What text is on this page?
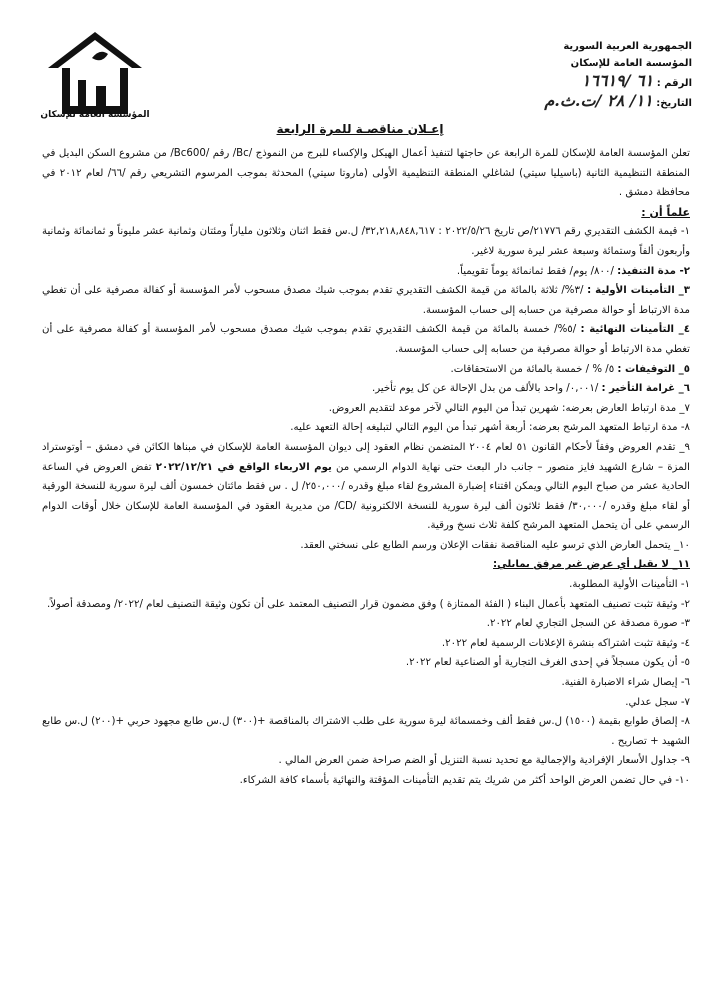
المؤسسة العامة للإسكان
الجمهورية العربية السورية
المؤسسة العامة للإسكان
الرقم : ٦١ /١٦٦١٩
التاريخ: ١١/ ٢٨ /ت.ث.م
إعـلان مناقصـة للمرة الرابعة

تعلن المؤسسة العامة للإسكان للمرة الرابعة عن حاجتها لتنفيذ أعمال الهيكل والإكساء للبرج من النموذج /Bc/ رقم /Bc600/ من مشروع السكن البديل في المنطقة التنظيمية الثانية (باسيليا سيتي) لشاغلي المنطقة التنظيمية الأولى (ماروتا سيتي) المحدثة بموجب المرسوم التشريعي رقم /٦٦/ لعام ٢٠١٢ في محافظة دمشق .

علماً أن :

١- قيمة الكشف التقديري رقم ٢١٧٧٦/ص تاريخ ٢٠٢٢/٥/٢٦ : ٣٢,٢١٨,٨٤٨,٦١٧/ ل.س فقط اثنان وثلاثون ملياراً ومئتان وثمانية عشر مليوناً و ثمانمائة وثمانية وأربعون ألفاً وستمائة وسبعة عشر ليرة سورية لاغير.

٢- مدة التنفيذ: /٨٠٠/ يوم/ فقط ثمانمائة يوماً تقويمياً.

٣_ التأمينات الأولية : /٣%/ ثلاثة بالمائة من قيمة الكشف التقديري تقدم بموجب شيك مصدق مسحوب لأمر المؤسسة أو كفالة مصرفية على أن تغطي مدة الارتباط أو حوالة مصرفية من حسابه إلى حساب المؤسسة.

٤_ التأمينات النهائية : /٥%/ خمسة بالمائة من قيمة الكشف التقديري تقدم بموجب شيك مصدق مسحوب لأمر المؤسسة أو كفالة مصرفية على أن تغطي مدة الارتباط أو حوالة مصرفية من حسابه إلى حساب المؤسسة.

٥_ التوقيفات : ٥/ % / خمسة بالمائة من الاستحقاقات.

٦_ غرامة التأخير : /٠,٠٠١/ واحد بالألف من بدل الإحالة عن كل يوم تأخير.

٧_ مدة ارتباط العارض بعرضه: شهرين تبدأ من اليوم التالي لآخر موعد لتقديم العروض.

٨- مدة ارتباط المتعهد المرشح بعرضه: أربعة أشهر تبدأ من اليوم التالي لتبليغه إحالة التعهد عليه.

٩_ تقدم العروض وفقاً لأحكام القانون ٥١ لعام ٢٠٠٤ المتضمن نظام العقود إلى ديوان المؤسسة العامة للإسكان في مبناها الكائن في دمشق – أوتوستراد المزة – شارع الشهيد فايز منصور – جانب دار البعث حتى نهاية الدوام الرسمي من يوم الاربعاء الواقع في ٢٠٢٢/١٢/٢١ تفض العروض في الساعة الحادية عشر من صباح اليوم التالي ويمكن اقتناء إضبارة المشروع لقاء مبلغ وقدره /٢٥٠,٠٠٠/ ل . س فقط مائتان خمسون ألف ليرة سورية للنسخة الورقية أو لقاء مبلغ وقدره /٣٠,٠٠٠/ فقط ثلاثون ألف ليرة سورية للنسخة الالكترونية /CD/ من مديرية العقود في المؤسسة العامة للإسكان خلال أوقات الدوام الرسمي على أن يتحمل المتعهد المرشح كلفة ثلاث نسخ ورقية.

١٠_ يتحمل العارض الذي ترسو عليه المناقصة نفقات الإعلان ورسم الطابع على نسختي العقد.

١١_ لا يقبل أي عرض غير مرفق بمايلي:

١- التأمينات الأولية المطلوبة.

٢- وثيقة تثبت تصنيف المتعهد بأعمال البناء ( الفئة الممتازة ) وفق مضمون قرار التصنيف المعتمد على أن تكون وثيقة التصنيف لعام /٢٠٢٢/ ومصدقة أصولاً.

٣- صورة مصدقة عن السجل التجاري لعام ٢٠٢٢.

٤- وثيقة تثبت اشتراكه بنشرة الإعلانات الرسمية لعام ٢٠٢٢.

٥- أن يكون مسجلاً في إحدى الغرف التجارية أو الصناعية لعام ٢٠٢٢.

٦- إيصال شراء الاضبارة الفنية.

٧- سجل عدلي.

٨- إلصاق طوابع بقيمة (١٥٠٠) ل.س فقط ألف وخمسمائة ليرة سورية على طلب الاشتراك بالمناقصة +(٣٠٠) ل.س طابع مجهود حربي +(٢٠٠) ل.س طابع الشهيد + تصاريح .

٩- جداول الأسعار الإفرادية والإجمالية مع تحديد نسبة التنزيل أو الضم صراحة ضمن العرض المالي .

١٠- في حال تضمن العرض الواحد أكثر من شريك يتم تقديم التأمينات المؤقتة والنهائية بأسماء كافة الشركاء.
